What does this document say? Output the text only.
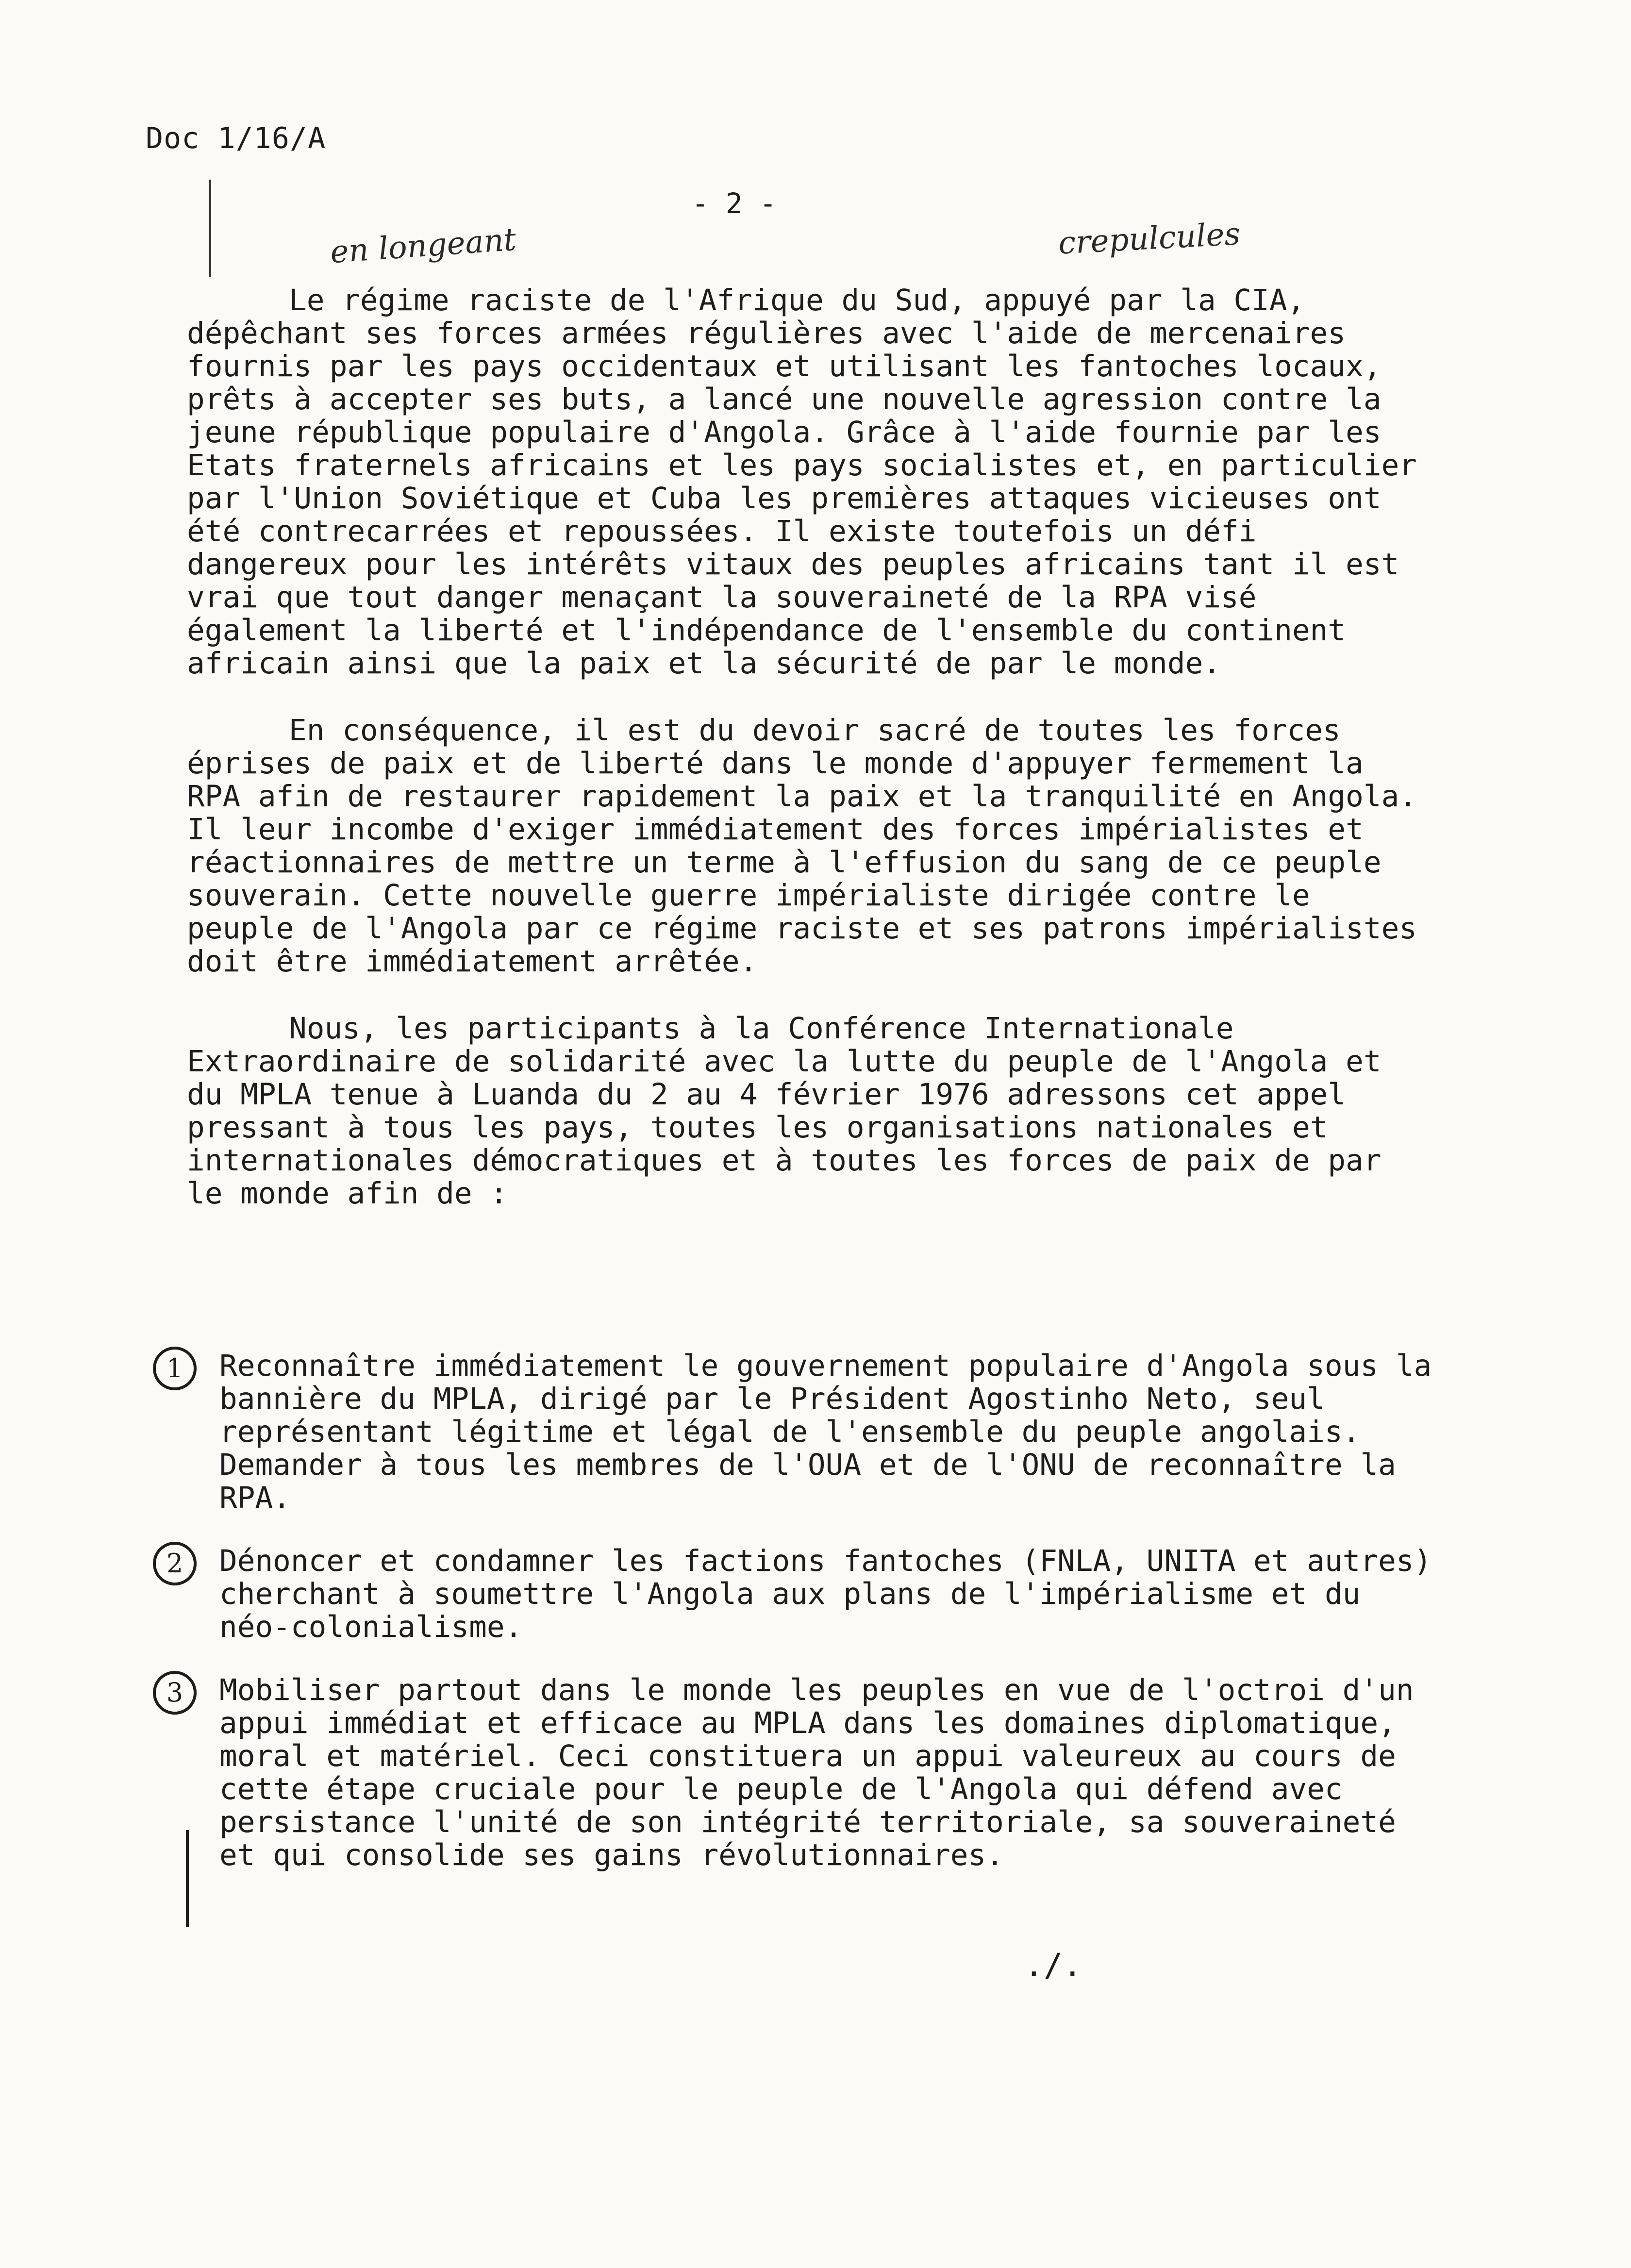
Doc 1/16/A
- 2 -
en longeant	crepulcules

Le régime raciste de l'Afrique du Sud, appuyé par la CIA, dépêchant ses forces armées régulières avec l'aide de mercenaires fournis par les pays occidentaux et utilisant les fantoches locaux, prêts à accepter ses buts, a lancé une nouvelle agression contre la jeune république populaire d'Angola. Grâce à l'aide fournie par les Etats fraternels africains et les pays socialistes et, en particulier par l'Union Soviétique et Cuba les premières attaques vicieuses ont été contrecarrées et repoussées. Il existe toutefois un défi dangereux pour les intérêts vitaux des peuples africains tant il est vrai que tout danger menaçant la souveraineté de la RPA visé également la liberté et l'indépendance de l'ensemble du continent africain ainsi que la paix et la sécurité de par le monde.

En conséquence, il est du devoir sacré de toutes les forces éprises de paix et de liberté dans le monde d'appuyer fermement la RPA afin de restaurer rapidement la paix et la tranquilité en Angola. Il leur incombe d'exiger immédiatement des forces impérialistes et réactionnaires de mettre un terme à l'effusion du sang de ce peuple souverain. Cette nouvelle guerre impérialiste dirigée contre le peuple de l'Angola par ce régime raciste et ses patrons impérialistes doit être immédiatement arrêtée.

Nous, les participants à la Conférence Internationale Extraordinaire de solidarité avec la lutte du peuple de l'Angola et du MPLA tenue à Luanda du 2 au 4 février 1976 adressons cet appel pressant à tous les pays, toutes les organisations nationales et internationales démocratiques et à toutes les forces de paix de par le monde afin de :

1	Reconnaître immédiatement le gouvernement populaire d'Angola sous la bannière du MPLA, dirigé par le Président Agostinho Neto, seul représentant légitime et légal de l'ensemble du peuple angolais. Demander à tous les membres de l'OUA et de l'ONU de reconnaître la RPA.
2	Dénoncer et condamner les factions fantoches (FNLA, UNITA et autres) cherchant à soumettre l'Angola aux plans de l'impérialisme et du néo-colonialisme.
3	Mobiliser partout dans le monde les peuples en vue de l'octroi d'un appui immédiat et efficace au MPLA dans les domaines diplomatique, moral et matériel. Ceci constituera un appui valeureux au cours de cette étape cruciale pour le peuple de l'Angola qui défend avec persistance l'unité de son intégrité territoriale, sa souveraineté et qui consolide ses gains révolutionnaires.
./.
